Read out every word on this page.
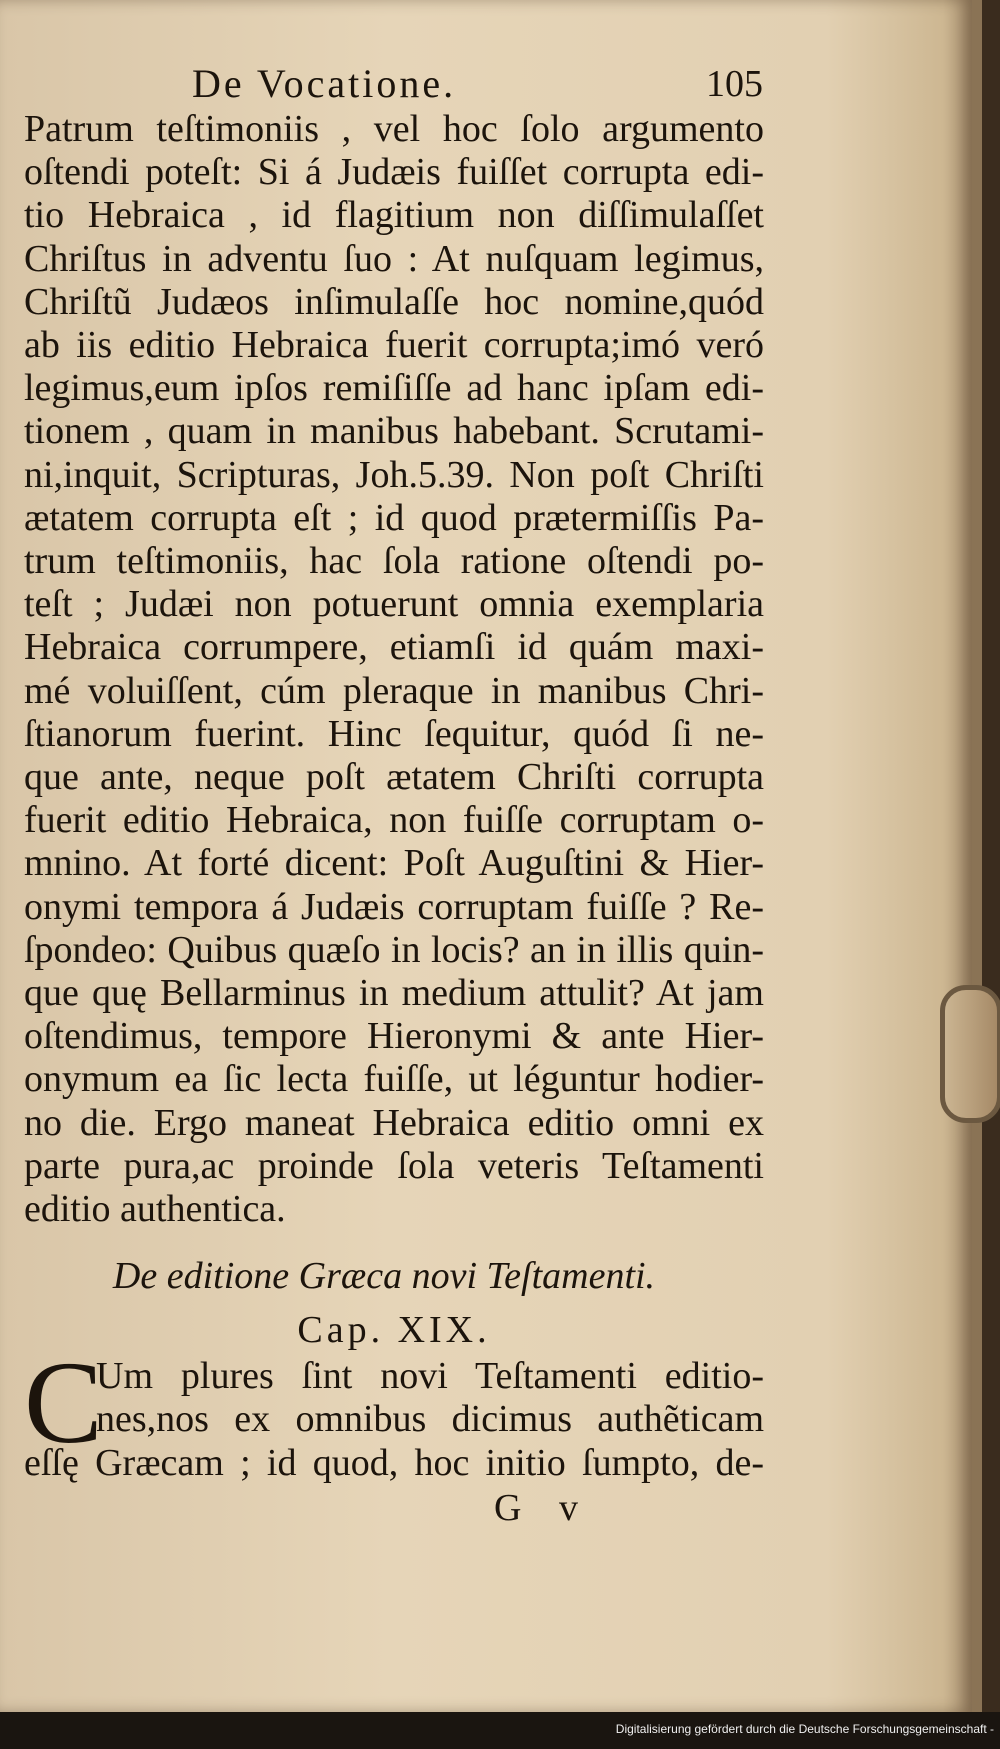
De Vocatione.	105
Patrum teſtimoniis , vel hoc ſolo argumento
oſtendi poteſt: Si á Judæis fuiſſet corrupta edi-
tio Hebraica , id flagitium non diſſimulaſſet
Chriſtus in adventu ſuo : At nuſquam legimus,
Chriſtũ Judæos inſimulaſſe hoc nomine,quód
ab iis editio Hebraica fuerit corrupta;imó veró
legimus,eum ipſos remiſiſſe ad hanc ipſam edi-
tionem , quam in manibus habebant. Scrutami-
ni,inquit, Scripturas, Joh.5.39. Non poſt Chriſti
ætatem corrupta eſt ; id quod prætermiſſis Pa-
trum teſtimoniis, hac ſola ratione oſtendi po-
teſt ; Judæi non potuerunt omnia exemplaria
Hebraica corrumpere, etiamſi id quám maxi-
mé voluiſſent, cúm pleraque in manibus Chri-
ſtianorum fuerint. Hinc ſequitur, quód ſi ne-
que ante, neque poſt ætatem Chriſti corrupta
fuerit editio Hebraica, non fuiſſe corruptam o-
mnino. At forté dicent: Poſt Auguſtini & Hier-
onymi tempora á Judæis corruptam fuiſſe ? Re-
ſpondeo: Quibus quæſo in locis? an in illis quin-
que quę Bellarminus in medium attulit? At jam
oſtendimus, tempore Hieronymi & ante Hier-
onymum ea ſic lecta fuiſſe, ut léguntur hodier-
no die. Ergo maneat Hebraica editio omni ex
parte pura,ac proinde ſola veteris Teſtamenti
editio authentica.
De editione Græca novi Teſtamenti.
Cap. XIX.
C
Um plures ſint novi Teſtamenti editio-
nes,nos ex omnibus dicimus authẽticam
eſſę Græcam ; id quod, hoc initio ſumpto, de-
G v
Digitalisierung gefördert durch die Deutsche Forschungsgemeinschaft -
